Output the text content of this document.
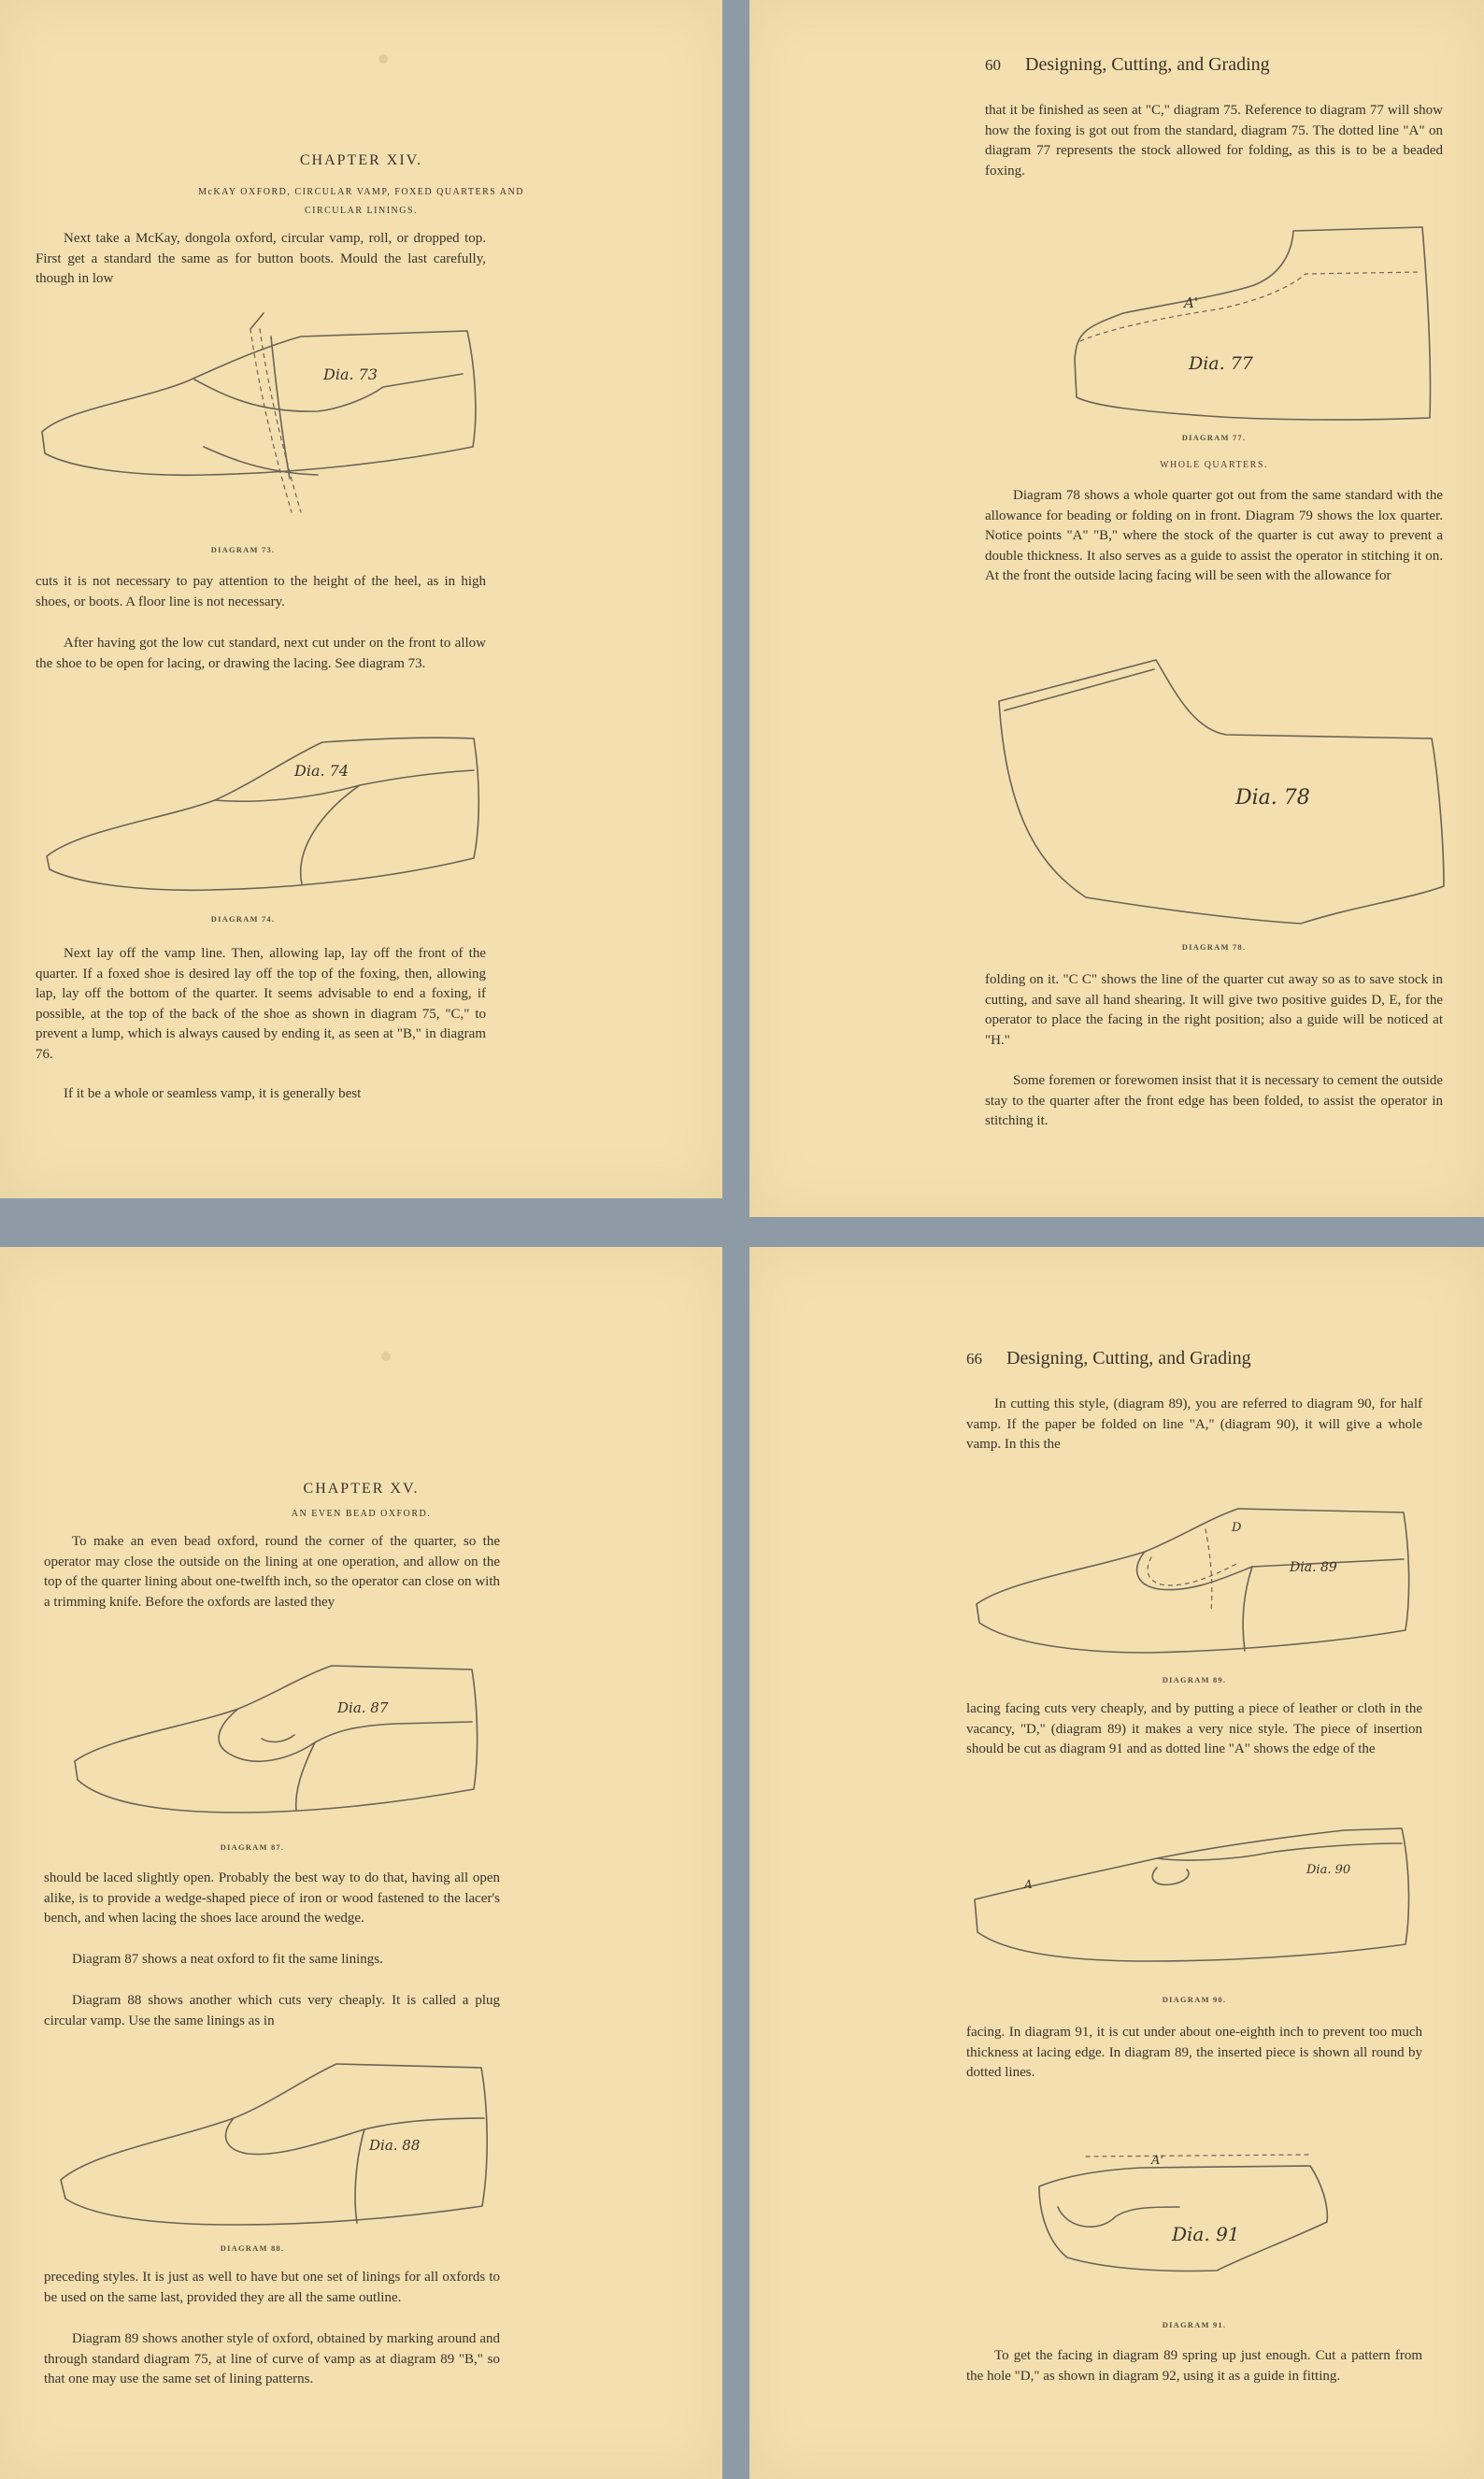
CHAPTER XIV.
McKAY OXFORD, CIRCULAR VAMP, FOXED QUARTERS AND
CIRCULAR LININGS.
Next take a McKay, dongola oxford, circular vamp, roll, or dropped top. First get a standard the same as for button boots. Mould the last carefully, though in low
Dia. 73
DIAGRAM 73.
cuts it is not necessary to pay attention to the height of the heel, as in high shoes, or boots. A floor line is not necessary.
After having got the low cut standard, next cut under on the front to allow the shoe to be open for lacing, or drawing the lacing. See diagram 73.
Dia. 74
DIAGRAM 74.
Next lay off the vamp line. Then, allowing lap, lay off the front of the quarter. If a foxed shoe is desired lay off the top of the foxing, then, allowing lap, lay off the bottom of the quarter. It seems advisable to end a foxing, if possible, at the top of the back of the shoe as shown in diagram 75, "C," to prevent a lump, which is always caused by ending it, as seen at "B," in diagram 76.
If it be a whole or seamless vamp, it is generally best
60 Designing, Cutting, and Grading
that it be finished as seen at "C," diagram 75. Reference to diagram 77 will show how the foxing is got out from the standard, diagram 75. The dotted line "A" on diagram 77 represents the stock allowed for folding, as this is to be a beaded foxing.
A'
Dia. 77
DIAGRAM 77.
WHOLE QUARTERS.
Diagram 78 shows a whole quarter got out from the same standard with the allowance for beading or folding on in front. Diagram 79 shows the lox quarter. Notice points "A" "B," where the stock of the quarter is cut away to prevent a double thickness. It also serves as a guide to assist the operator in stitching it on. At the front the outside lacing facing will be seen with the allowance for
Dia. 78
DIAGRAM 78.
folding on it. "C C" shows the line of the quarter cut away so as to save stock in cutting, and save all hand shearing. It will give two positive guides D, E, for the operator to place the facing in the right position; also a guide will be noticed at "H."
Some foremen or forewomen insist that it is necessary to cement the outside stay to the quarter after the front edge has been folded, to assist the operator in stitching it.
CHAPTER XV.
AN EVEN BEAD OXFORD.
To make an even bead oxford, round the corner of the quarter, so the operator may close the outside on the lining at one operation, and allow on the top of the quarter lining about one-twelfth inch, so the operator can close on with a trimming knife. Before the oxfords are lasted they
Dia. 87
DIAGRAM 87.
should be laced slightly open. Probably the best way to do that, having all open alike, is to provide a wedge-shaped piece of iron or wood fastened to the lacer's bench, and when lacing the shoes lace around the wedge.
Diagram 87 shows a neat oxford to fit the same linings.
Diagram 88 shows another which cuts very cheaply. It is called a plug circular vamp. Use the same linings as in
Dia. 88
DIAGRAM 88.
preceding styles. It is just as well to have but one set of linings for all oxfords to be used on the same last, provided they are all the same outline.
Diagram 89 shows another style of oxford, obtained by marking around and through standard diagram 75, at line of curve of vamp as at diagram 89 "B," so that one may use the same set of lining patterns.
66 Designing, Cutting, and Grading
In cutting this style, (diagram 89), you are referred to diagram 90, for half vamp. If the paper be folded on line "A," (diagram 90), it will give a whole vamp. In this the
D
Dia. 89
DIAGRAM 89.
lacing facing cuts very cheaply, and by putting a piece of leather or cloth in the vacancy, "D," (diagram 89) it makes a very nice style. The piece of insertion should be cut as diagram 91 and as dotted line "A" shows the edge of the
A
Dia. 90
DIAGRAM 90.
facing. In diagram 91, it is cut under about one-eighth inch to prevent too much thickness at lacing edge. In diagram 89, the inserted piece is shown all round by dotted lines.
A'
Dia. 91
DIAGRAM 91.
To get the facing in diagram 89 spring up just enough. Cut a pattern from the hole "D," as shown in diagram 92, using it as a guide in fitting.
